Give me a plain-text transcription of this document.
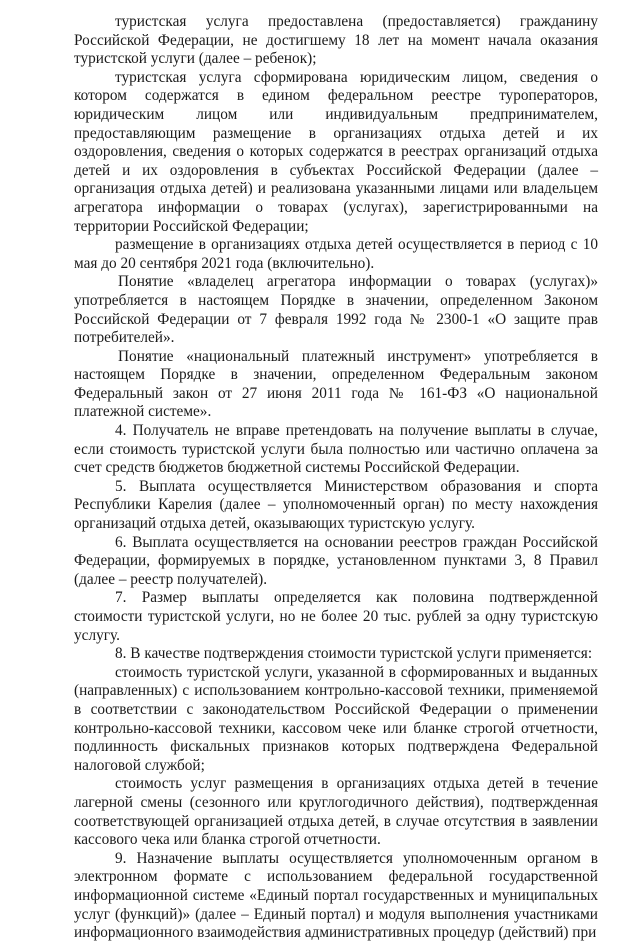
туристская услуга предоставлена (предоставляется) гражданину Российской Федерации, не достигшему 18 лет на момент начала оказания туристской услуги (далее – ребенок);

туристская услуга сформирована юридическим лицом, сведения о котором содержатся в едином федеральном реестре туроператоров, юридическим лицом или индивидуальным предпринимателем, предоставляющим размещение в организациях отдыха детей и их оздоровления, сведения о которых содержатся в реестрах организаций отдыха детей и их оздоровления в субъектах Российской Федерации (далее – организация отдыха детей) и реализована указанными лицами или владельцем агрегатора информации о товарах (услугах), зарегистрированными на территории Российской Федерации;

размещение в организациях отдыха детей осуществляется в период с 10 мая до 20 сентября 2021 года (включительно).

Понятие «владелец агрегатора информации о товарах (услугах)» употребляется в настоящем Порядке в значении, определенном Законом Российской Федерации от 7 февраля 1992 года № 2300-1 «О защите прав потребителей».

Понятие «национальный платежный инструмент» употребляется в настоящем Порядке в значении, определенном Федеральным законом Федеральный закон от 27 июня 2011 года № 161-ФЗ «О национальной платежной системе».

4. Получатель не вправе претендовать на получение выплаты в случае, если стоимость туристской услуги была полностью или частично оплачена за счет средств бюджетов бюджетной системы Российской Федерации.

5. Выплата осуществляется Министерством образования и спорта Республики Карелия (далее – уполномоченный орган) по месту нахождения организаций отдыха детей, оказывающих туристскую услугу.

6. Выплата осуществляется на основании реестров граждан Российской Федерации, формируемых в порядке, установленном пунктами 3, 8 Правил (далее – реестр получателей).

7. Размер выплаты определяется как половина подтвержденной стоимости туристской услуги, но не более 20 тыс. рублей за одну туристскую услугу.

8. В качестве подтверждения стоимости туристской услуги применяется:

стоимость туристской услуги, указанной в сформированных и выданных (направленных) с использованием контрольно-кассовой техники, применяемой в соответствии с законодательством Российской Федерации о применении контрольно-кассовой техники, кассовом чеке или бланке строгой отчетности, подлинность фискальных признаков которых подтверждена Федеральной налоговой службой;

стоимость услуг размещения в организациях отдыха детей в течение лагерной смены (сезонного или круглогодичного действия), подтвержденная соответствующей организацией отдыха детей, в случае отсутствия в заявлении кассового чека или бланка строгой отчетности.

9. Назначение выплаты осуществляется уполномоченным органом в электронном формате с использованием федеральной государственной информационной системе «Единый портал государственных и муниципальных услуг (функций)» (далее – Единый портал) и модуля выполнения участниками информационного взаимодействия административных процедур (действий) при
